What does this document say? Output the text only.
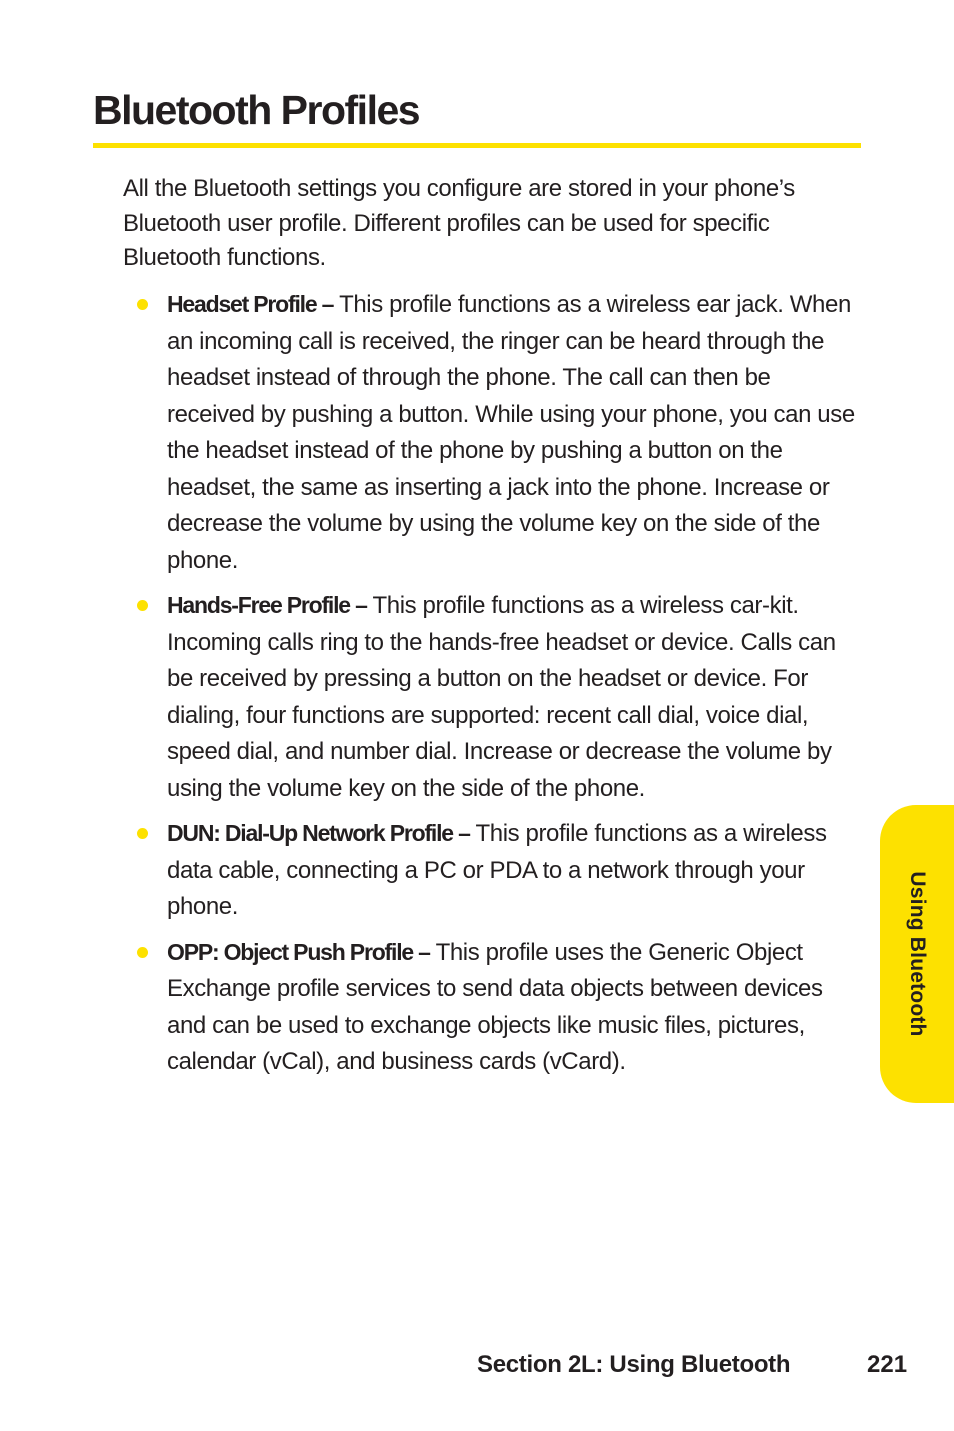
Bluetooth Profiles

All the Bluetooth settings you configure are stored in your phone’s Bluetooth user profile. Different profiles can be used for specific Bluetooth functions.

Headset Profile – This profile functions as a wireless ear jack. When an incoming call is received, the ringer can be heard through the headset instead of through the phone. The call can then be received by pushing a button. While using your phone, you can use the headset instead of the phone by pushing a button on the headset, the same as inserting a jack into the phone. Increase or decrease the volume by using the volume key on the side of the phone.
Hands-Free Profile – This profile functions as a wireless car-kit. Incoming calls ring to the hands-free headset or device. Calls can be received by pressing a button on the headset or device. For dialing, four functions are supported: recent call dial, voice dial, speed dial, and number dial. Increase or decrease the volume by using the volume key on the side of the phone.
DUN: Dial-Up Network Profile – This profile functions as a wireless data cable, connecting a PC or PDA to a network through your phone.
OPP: Object Push Profile – This profile uses the Generic Object Exchange profile services to send data objects between devices and can be used to exchange objects like music files, pictures, calendar (vCal), and business cards (vCard).
Using Bluetooth
Section 2L: Using Bluetooth	221
